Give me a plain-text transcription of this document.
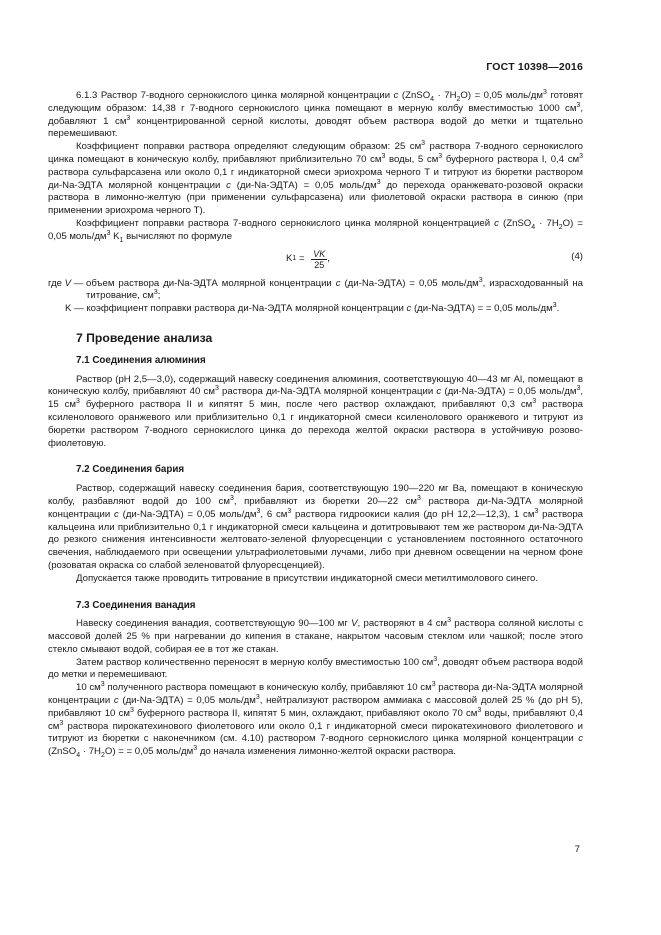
ГОСТ 10398—2016

6.1.3 Раствор 7-водного сернокислого цинка молярной концентрации c (ZnSO$_4$ · $7H_2O) = 0,05$ моль/$дм^3$ готовят следующим образом: 14,38 г 7-водного сернокислого цинка помещают в мерную колбу вместимостью 1000 $см^3$, добавляют 1 $см^3$ концентрированной серной кислоты, доводят объем раствора водой до метки и тщательно перемешивают.

Коэффициент поправки раствора определяют следующим образом: 25 $см^3$ раствора 7-водного сернокислого цинка помещают в коническую колбу, прибавляют приблизительно 70 $см^3$ воды, 5 $см^3$ буферного раствора I, 0,4 $см^3$ раствора сульфарсазена или около 0,1 г индикаторной смеси эриохрома черного Т и титруют из бюретки раствором ди-Na-ЭДТА молярной концентрации c (ди-Na-ЭДТА) = 0,05 моль/$дм^3$ до перехода оранжевато-розовой окраски раствора в лимонно-желтую (при применении сульфарсазена) или фиолетовой окраски раствора в синюю (при применении эриохрома черного Т).

Коэффициент поправки раствора 7-водного сернокислого цинка молярной концентрацией c (ZnSO$_4$ · $7H_2O) = 0,05$ моль/$дм^3$ $K_1$ вычисляют по формуле

K $1 = \frac{VK}{25}$ ,	(4)
где V — объем раствора ди-Na-ЭДТА молярной концентрации c (ди-Na-ЭДТА) = 0,05 моль/$дм^3$, израсходованный на титрование, $см^3$;
K — коэффициент поправки раствора ди-Na-ЭДТА молярной концентрации c (ди-Na-ЭДТА) = = 0,05 моль/$дм^3$.
7 Проведение анализа
7.1 Соединения алюминия

Раствор (pH 2,5—3,0), содержащий навеску соединения алюминия, соответствующую 40—43 мг Al, помещают в коническую колбу, прибавляют 40 $см^3$ раствора ди-Na-ЭДТА молярной концентрации c (ди-Na-ЭДТА) = 0,05 моль/$дм^3$, 15 $см^3$ буферного раствора II и кипятят 5 мин, после чего раствор охлаждают, прибавляют 0,3 $см^3$ раствора ксиленолового оранжевого или приблизительно 0,1 г индикаторной смеси ксиленолового оранжевого и титруют из бюретки раствором 7-водного сернокислого цинка до перехода желтой окраски раствора в устойчивую розово-фиолетовую.

7.2 Соединения бария

Раствор, содержащий навеску соединения бария, соответствующую 190—220 мг Ba, помещают в коническую колбу, разбавляют водой до 100 $см^3$, прибавляют из бюретки 20—22 $см^3$ раствора ди-Na-ЭДТА молярной концентрации c (ди-Na-ЭДТА) = 0,05 моль/$дм^3$, 6 $см^3$ раствора гидроокиси калия (до pH 12,2—12,3), 1 $см^3$ раствора кальцеина или приблизительно 0,1 г индикаторной смеси кальцеина и дотитровывают тем же раствором ди-Na-ЭДТА до резкого снижения интенсивности желтовато-зеленой флуоресценции с установлением постоянного остаточного свечения, наблюдаемого при освещении ультрафиолетовыми лучами, либо при дневном освещении на черном фоне (розоватая окраска со слабой зеленоватой флуоресценцией).

Допускается также проводить титрование в присутствии индикаторной смеси метилтимолового синего.

7.3 Соединения ванадия

Навеску соединения ванадия, соответствующую 90—100 мг V, растворяют в 4 $см^3$ раствора соляной кислоты с массовой долей 25 % при нагревании до кипения в стакане, накрытом часовым стеклом или чашкой; после этого стекло смывают водой, собирая ее в тот же стакан.

Затем раствор количественно переносят в мерную колбу вместимостью 100 $см^3$, доводят объем раствора водой до метки и перемешивают.

10 $см^3$ полученного раствора помещают в коническую колбу, прибавляют 10 $см^3$ раствора ди-Na-ЭДТА молярной концентрации c (ди-Na-ЭДТА) = 0,05 моль/$дм^3$, нейтрализуют раствором аммиака с массовой долей 25 % (до pH 5), прибавляют 10 $см^3$ буферного раствора II, кипятят 5 мин, охлаждают, прибавляют около 70 $см^3$ воды, прибавляют 0,4 $см^3$ раствора пирокатехинового фиолетового или около 0,1 г индикаторной смеси пирокатехинового фиолетового и титруют из бюретки с наконечником (см. 4.10) раствором 7-водного сернокислого цинка молярной концентрации c (ZnSO$_4$ · $7H_2O$) = = 0,05 моль/$дм^3$ до начала изменения лимонно-желтой окраски раствора.

7
